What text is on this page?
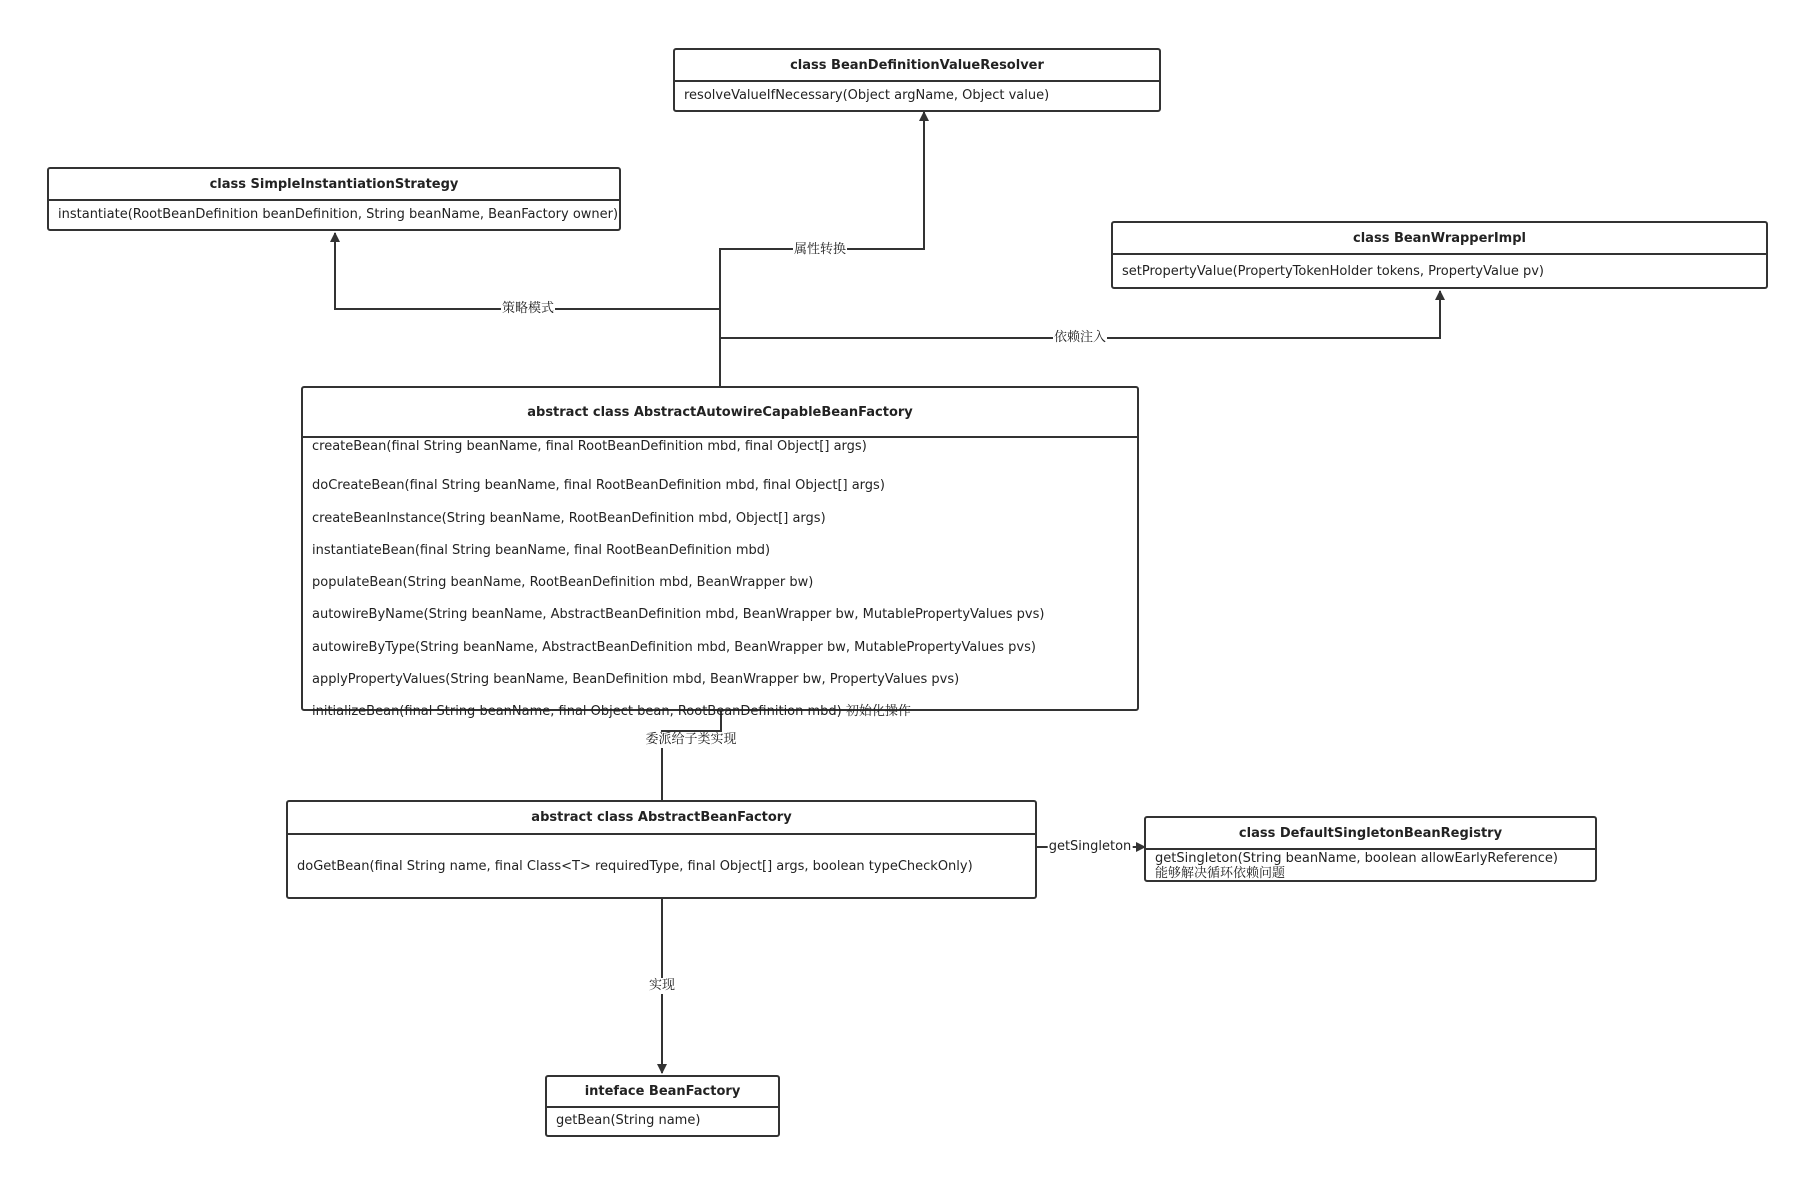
属性转换
策略模式
依赖注入
委派给子类实现
getSingleton
实现
class BeanDefinitionValueResolver
resolveValueIfNecessary(Object argName, Object value)
class SimpleInstantiationStrategy
instantiate(RootBeanDefinition beanDefinition, String beanName, BeanFactory owner)
class BeanWrapperImpl
setPropertyValue(PropertyTokenHolder tokens, PropertyValue pv)
abstract class AbstractAutowireCapableBeanFactory
createBean(final String beanName, final RootBeanDefinition mbd, final Object[] args)
doCreateBean(final String beanName, final RootBeanDefinition mbd, final Object[] args)
createBeanInstance(String beanName, RootBeanDefinition mbd, Object[] args)
instantiateBean(final String beanName, final RootBeanDefinition mbd)
populateBean(String beanName, RootBeanDefinition mbd, BeanWrapper bw)
autowireByName(String beanName, AbstractBeanDefinition mbd, BeanWrapper bw, MutablePropertyValues pvs)
autowireByType(String beanName, AbstractBeanDefinition mbd, BeanWrapper bw, MutablePropertyValues pvs)
applyPropertyValues(String beanName, BeanDefinition mbd, BeanWrapper bw, PropertyValues pvs)
initializeBean(final String beanName, final Object bean, RootBeanDefinition mbd) 初始化操作
abstract class AbstractBeanFactory
doGetBean(final String name, final Class<T> requiredType, final Object[] args, boolean typeCheckOnly)
class DefaultSingletonBeanRegistry
getSingleton(String beanName, boolean allowEarlyReference)
能够解决循环依赖问题
inteface BeanFactory
getBean(String name)
